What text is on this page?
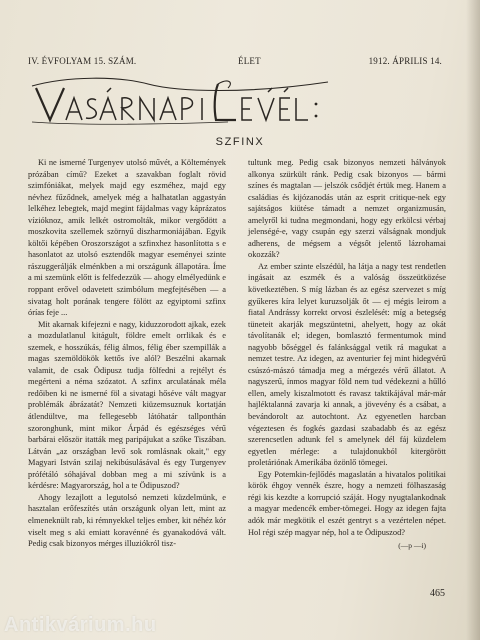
IV. ÉVFOLYAM 15. SZÁM.	ÉLET	1912. ÁPRILIS 14.
SZFINX

Ki ne ismerné Turgenyev utolsó művét, a Költemények prózában című? Ezeket a szavakban foglalt rövid szimfóniákat, melyek majd egy eszméhez, majd egy névhez fűződnek, amelyek még a halhatatlan aggastyán lelkéhez lebegtek, majd megint fájdalmas vagy káprázatos vízióknoz, amik lelkét ostromolták, mikor vergődött a moszkovita szellemek szörnyű diszharmoniájában. Egyik költői képében Oroszországot a szfinxhez hasonlította s e hasonlatot az utolsó esztendők magyar eseményei szinte rászuggerálják elménkben a mi országunk állapotára. Íme a mi szemünk előtt is felfedezzük — ahogy elmélyedünk e roppant erővel odavetett szimbólum megfejtésében — a sivatag holt porának tengere fölött az egyiptomi szfinx órías feje ...

Mit akarnak kifejezni e nagy, kiduzzorodott ajkak, ezek a mozdulatlanul kitágult, földre emelt orrlikak és e szemek, e hosszúkás, félig álmos, félig éber szempillák a magas szemöldökök kettős íve alól? Beszélni akarnak valamit, de csak Ödipusz tudja fölfedni a rejtélyt és megérteni a néma szózatot. A szfinx arculatának méla redőiben ki ne ismerné föl a sivatagi hőséve vált magyar problémák ábrázatát? Nemzeti kiüzemsuznuk kortatján átlendültve, ma fellegesebb látóhatár tallponthán szoronghunk, mint mikor Árpád és egészséges vérű barbárai először itatták meg paripájukat a szőke Tiszában. Látván „az országban levő sok romlásnak okait," egy Magyari István szilaj nekibúsulásával és egy Turgenyev prófétáló sóhajával dobban meg a mi szívünk is a kérdésre: Magyarország, hol a te Ödipuszod?

Ahogy lezajlott a legutolsó nemzeti küzdelmünk, e hasztalan erőfeszítés után országunk olyan lett, mint az elmeneknült rab, ki rémnyekkel teljes ember, kit néhéz kór viselt meg s aki emiatt koravénné és gyanakodóvá vált. Pedig csak bizonyos mérges illuziókról tisz-

tultunk meg. Pedig csak bizonyos nemzeti hálványok alkonya szürkült ránk. Pedig csak bizonyos — bármi színes és magtalan — jelszók csődjét értük meg. Hanem a családias és kijózanodás után az esprit critique-nek egy sajátságos kiütése támadt a nemzet organizmusán, amelyről ki tudna megmondani, hogy egy erkölcsi vérbaj jelenségé-e, vagy csupán egy szerzi válságnak mondjuk adherens, de mégsem a végsőt jelentő lázrohamai okozzák?

Az ember szinte elszédül, ha látja a nagy test rendetlen ingásait az eszmék és a valóság összeütközése következtében. S míg lázban és az egész szervezet s míg gyűkeres kíra lelyet kuruzsolják őt — ej mégis leirom a fiatal Andrássy korrekt orvosi észlelését: míg a betegség tüneteit akarják megszüntetni, ahelyett, hogy az okát távolítanák el; idegen, bomlasztó fermentumok mind nagyobb bőséggel és falánksággal vetik rá magukat a nemzet testre. Az idegen, az aventurier fej mint hidegvérű csúszó-mászó támadja meg a mérgezés vérű állatot. A nagyszerű, ínmos magyar föld nem tud védekezni a hűlló ellen, amely kiszalmotott és ravasz taktikájával már-már hajléktalanná zavarja ki annak, a jövevény és a csábat, a bevándorolt az autochtont. Az egyenetlen harcban végeztesen és fogkés gazdasi szabadabb és az egész szerencsetlen adtunk fel s amelynek dél fáj küzdelem egyetlen mérlege: a tulajdonukból kitergörött proletáriónak Amerikába özönlő tömegei.

Egy Potemkin-fejlődés magaslatán a hivatalos politikai körök éhgoy vennék észre, hogy a nemzeti fölhaszaság régi kis kezdte a korrupció száját. Hogy nyugtalankodnak a magyar medencék ember-tömegei. Hogy az idegen fajta adók már megkötik el eszét gentryt s a vezértelen népet. Hol régi szép magyar nép, hol a te Ödipuszod?

(—p —i)
465
Antikvárium.hu
